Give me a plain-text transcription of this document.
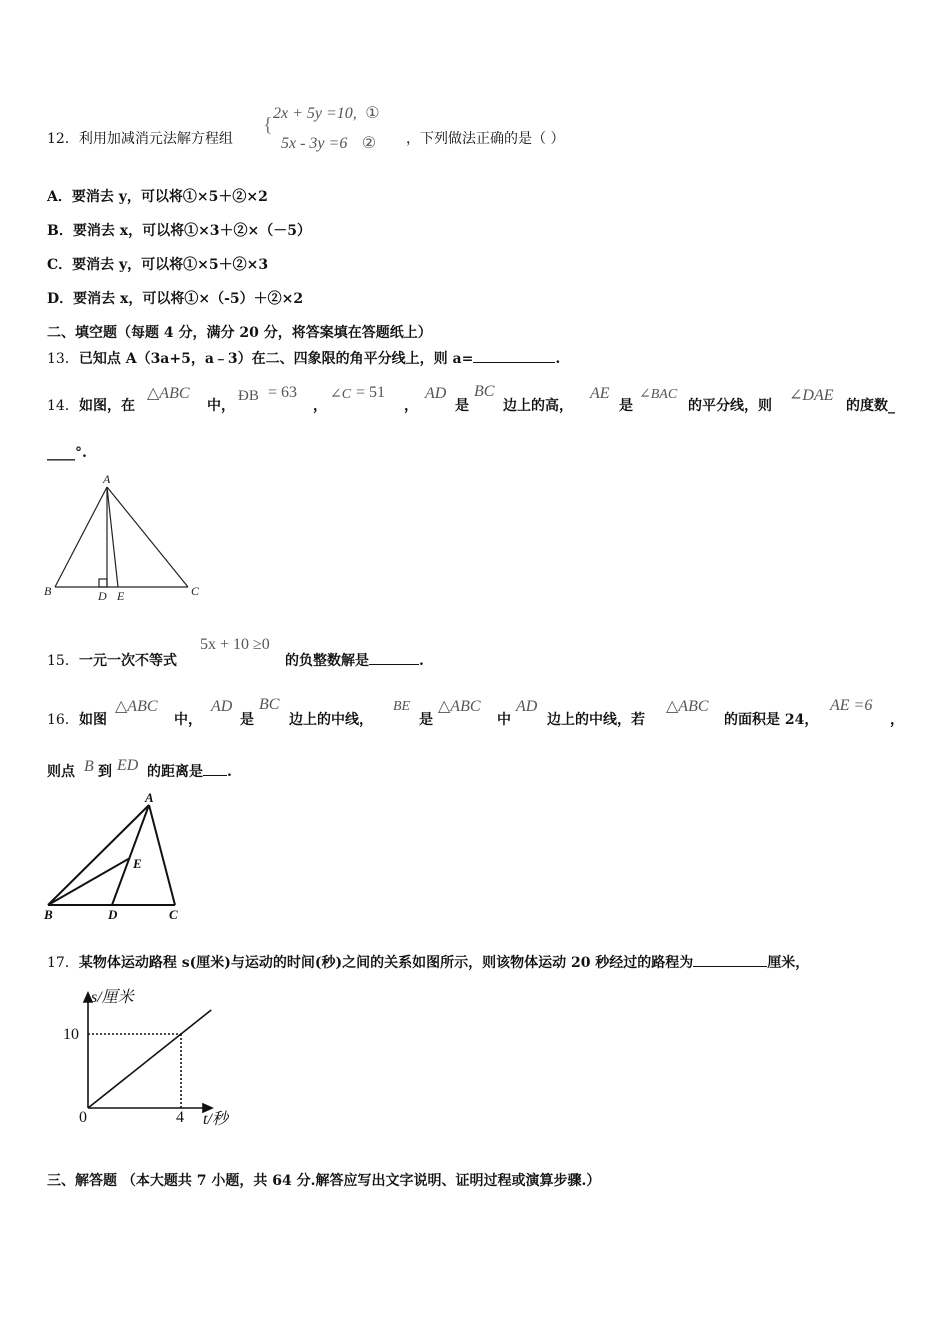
12．利用加减消元法解方程组
{
2x + 5y =10, ①
5x - 3y =6 ② ，下列做法正确的是（ ）
A．要消去 y，可以将①×5＋②×2
B．要消去 x，可以将①×3＋②×（－5）
C．要消去 y，可以将①×5＋②×3
D．要消去 x，可以将①×（-5）＋②×2
二、填空题（每题 4 分，满分 20 分，将答案填在答题纸上）
13．已知点 A（3a+5，a﹣3）在二、四象限的角平分线上，则 a=	.
14． 如图，在
△ABC
中，
ÐB = 63
，
∠C = 51
，
AD
是
BC
边上的高，
AE
是
∠BAC
的平分线，则
∠DAE
的度数_
____°.
A
B	C
D E
15． 一元一次不等式
5x + 10 ≥0
的负整数解是	.
16． 如图
△ABC
中，
AD
是
BC
边上的中线，
BE
是
△ABC
中
AD
边上的中线，若
△ABC
的面积是 24，
AE =6
，
则点 B 到 ED 的距离是 .
A
B	C
D
E
17．某物体运动路程 s(厘米)与运动的时间(秒)之间的关系如图所示，则该物体运动 20 秒经过的路程为	厘米，
s/厘米
t/秒
10
0	4
三、解答题 （本大题共 7 小题，共 64 分.解答应写出文字说明、证明过程或演算步骤.）
